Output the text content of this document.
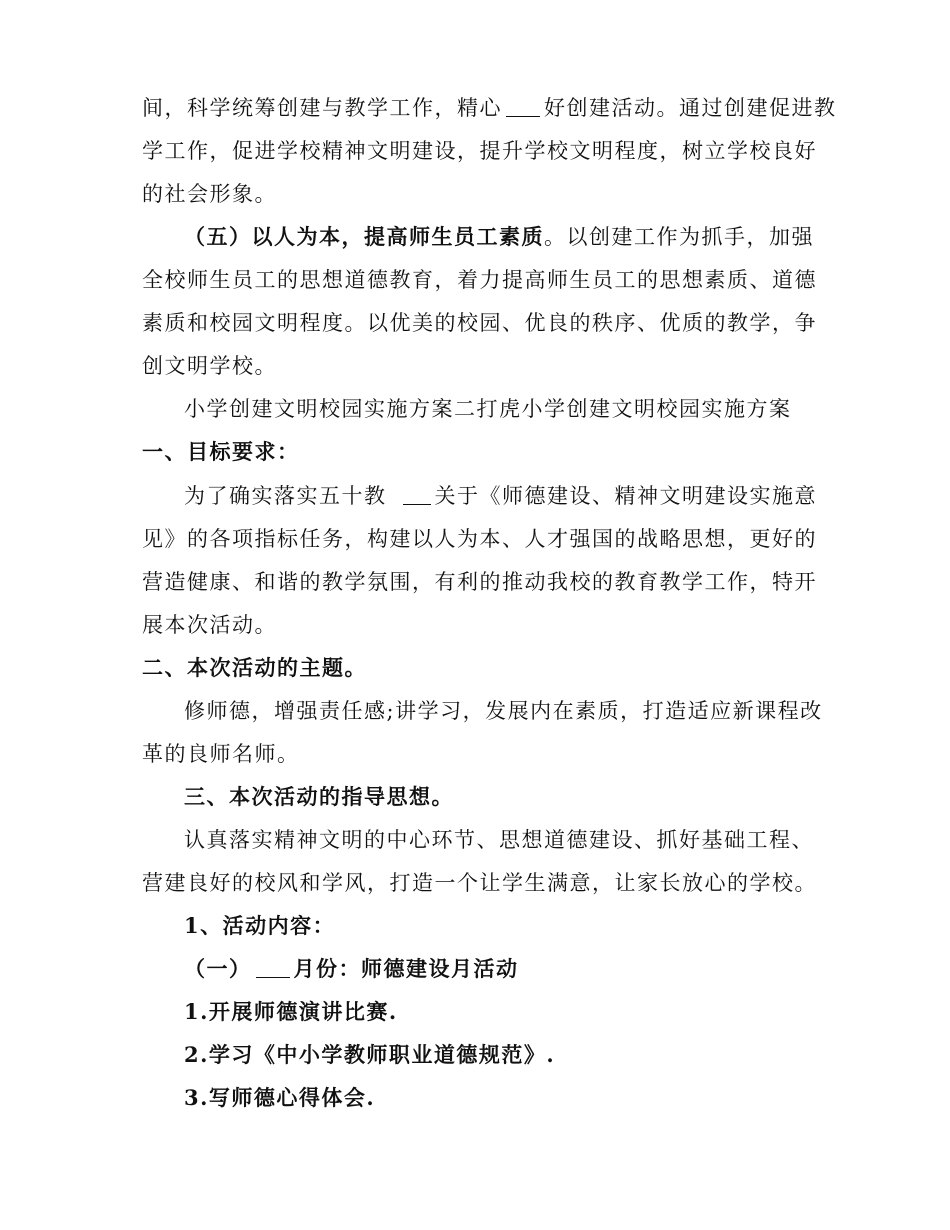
间，科学统筹创建与教学工作，精心 好创建活动。通过创建促进教

学工作，促进学校精神文明建设，提升学校文明程度，树立学校良好

的社会形象。

（五）以人为本，提高师生员工素质。以创建工作为抓手，加强

全校师生员工的思想道德教育，着力提高师生员工的思想素质、道德

素质和校园文明程度。以优美的校园、优良的秩序、优质的教学，争

创文明学校。

小学创建文明校园实施方案二打虎小学创建文明校园实施方案

一、目标要求：

为了确实落实五十教 关于《师德建设、精神文明建设实施意

见》的各项指标任务，构建以人为本、人才强国的战略思想，更好的

营造健康、和谐的教学氛围，有利的推动我校的教育教学工作，特开

展本次活动。

二、本次活动的主题。

修师德，增强责任感;讲学习，发展内在素质，打造适应新课程改

革的良师名师。

三、本次活动的指导思想。

认真落实精神文明的中心环节、思想道德建设、抓好基础工程、

营建良好的校风和学风，打造一个让学生满意，让家长放心的学校。

1、活动内容：

（一） 月份：师德建设月活动

1.开展师德演讲比赛.

2.学习《中小学教师职业道德规范》.

3.写师德心得体会.
